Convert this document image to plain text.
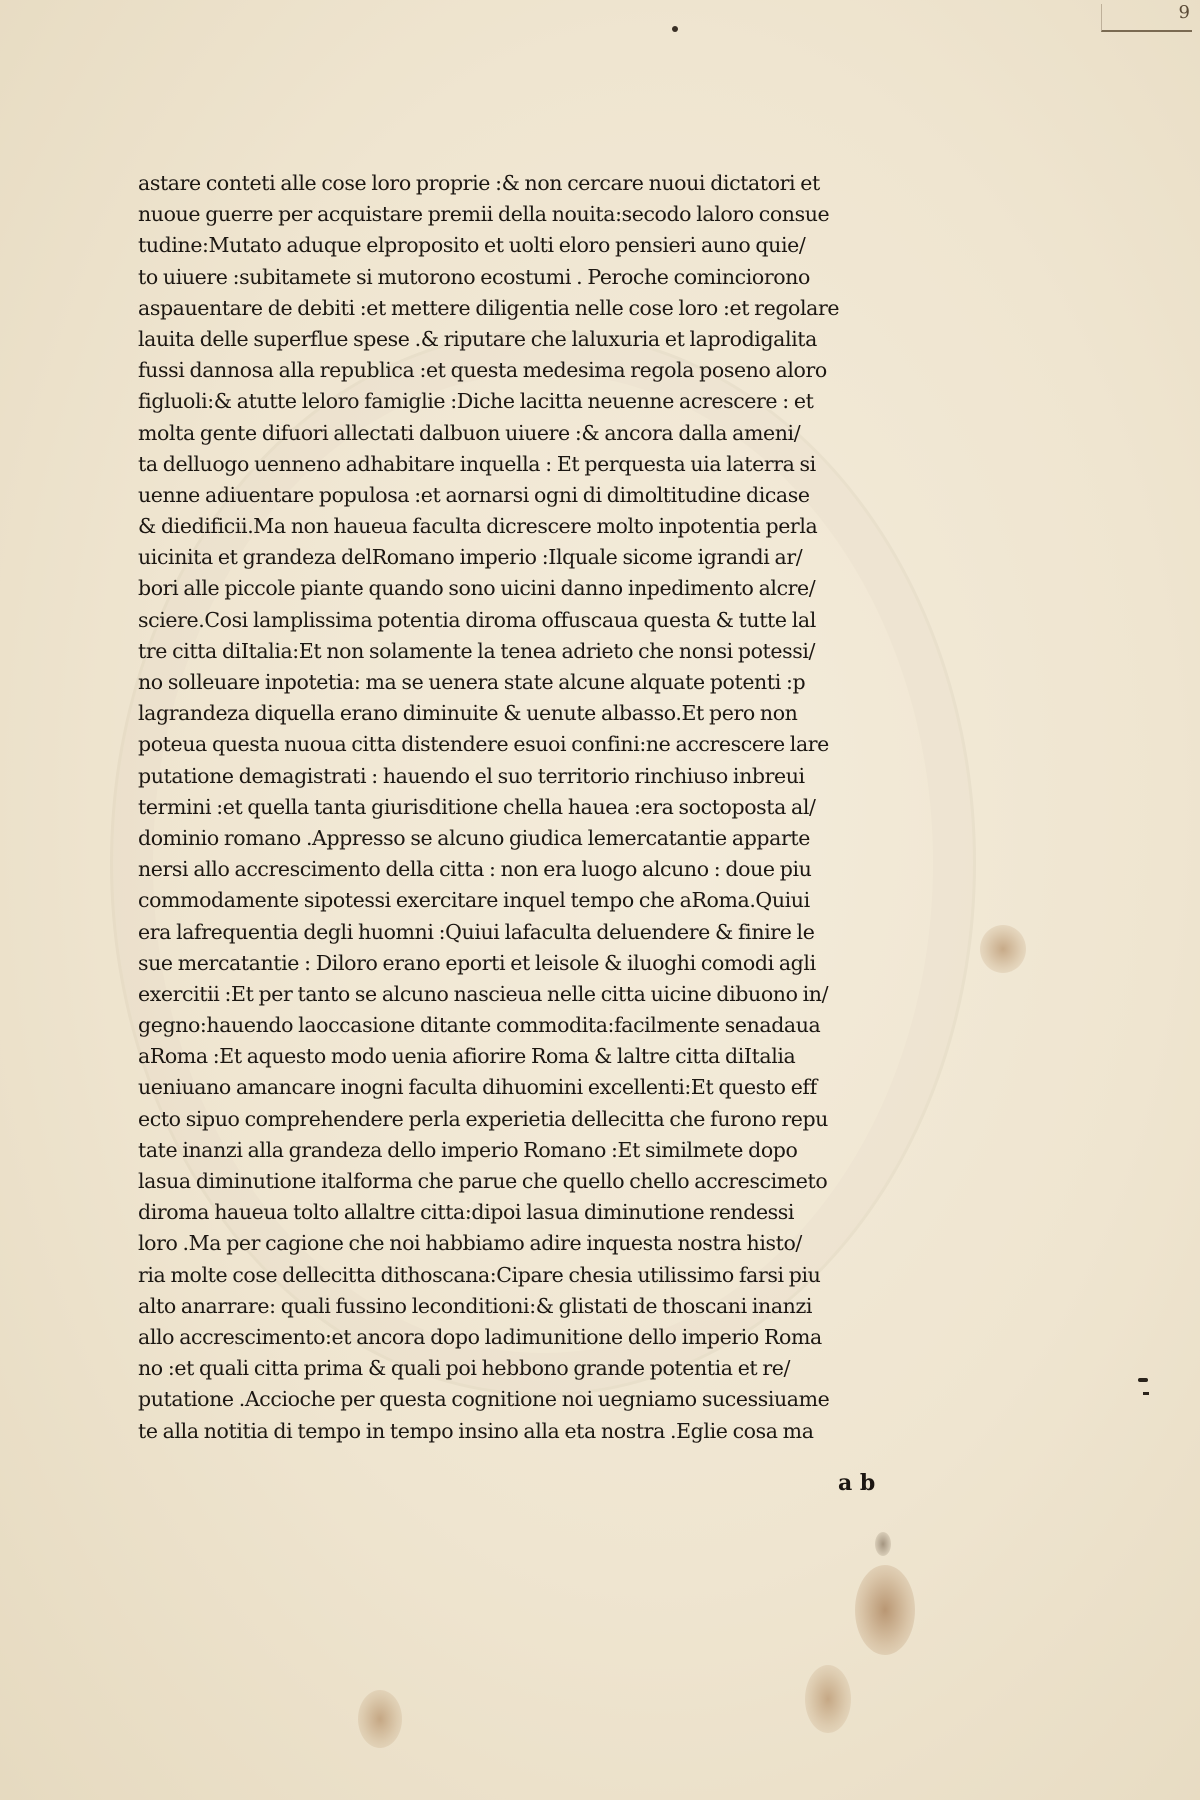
9
astare conteti alle cose loro proprie :& non cercare nuoui dictatori et
nuoue guerre per acquistare premii della nouita:secodo laloro consue
tudine:Mutato aduque elproposito et uolti eloro pensieri auno quie/
to uiuere :subitamete si mutorono ecostumi . Peroche cominciorono
aspauentare de debiti :et mettere diligentia nelle cose loro :et regolare
lauita delle superflue spese .& riputare che laluxuria et laprodigalita
fussi dannosa alla republica :et questa medesima regola poseno aloro
figluoli:& atutte leloro famiglie :Diche lacitta neuenne acrescere : et
molta gente difuori allectati dalbuon uiuere :& ancora dalla ameni/
ta delluogo uenneno adhabitare inquella : Et perquesta uia laterra si
uenne adiuentare populosa :et aornarsi ogni di dimoltitudine dicase
& diedificii.Ma non haueua faculta dicrescere molto inpotentia perla
uicinita et grandeza delRomano imperio :Ilquale sicome igrandi ar/
bori alle piccole piante quando sono uicini danno inpedimento alcre/
sciere.Cosi lamplissima potentia diroma offuscaua questa & tutte lal
tre citta diItalia:Et non solamente la tenea adrieto che nonsi potessi/
no solleuare inpotetia: ma se uenera state alcune alquate potenti :p
lagrandeza diquella erano diminuite & uenute albasso.Et pero non
poteua questa nuoua citta distendere esuoi confini:ne accrescere lare
putatione demagistrati : hauendo el suo territorio rinchiuso inbreui
termini :et quella tanta giurisditione chella hauea :era soctoposta al/
dominio romano .Appresso se alcuno giudica lemercatantie apparte
nersi allo accrescimento della citta : non era luogo alcuno : doue piu
commodamente sipotessi exercitare inquel tempo che aRoma.Quiui
era lafrequentia degli huomni :Quiui lafaculta deluendere & finire le
sue mercatantie : Diloro erano eporti et leisole & iluoghi comodi agli
exercitii :Et per tanto se alcuno nascieua nelle citta uicine dibuono in/
gegno:hauendo laoccasione ditante commodita:facilmente senadaua
aRoma :Et aquesto modo uenia afiorire Roma & laltre citta diItalia
ueniuano amancare inogni faculta dihuomini excellenti:Et questo eff
ecto sipuo comprehendere perla experietia dellecitta che furono repu
tate inanzi alla grandeza dello imperio Romano :Et similmete dopo
lasua diminutione italforma che parue che quello chello accrescimeto
diroma haueua tolto allaltre citta:dipoi lasua diminutione rendessi
loro .Ma per cagione che noi habbiamo adire inquesta nostra histo/
ria molte cose dellecitta dithoscana:Cipare chesia utilissimo farsi piu
alto anarrare: quali fussino leconditioni:& glistati de thoscani inanzi
allo accrescimento:et ancora dopo ladimunitione dello imperio Roma
no :et quali citta prima & quali poi hebbono grande potentia et re/
putatione .Accioche per questa cognitione noi uegniamo sucessiuame
te alla notitia di tempo in tempo insino alla eta nostra .Eglie cosa ma
a b
